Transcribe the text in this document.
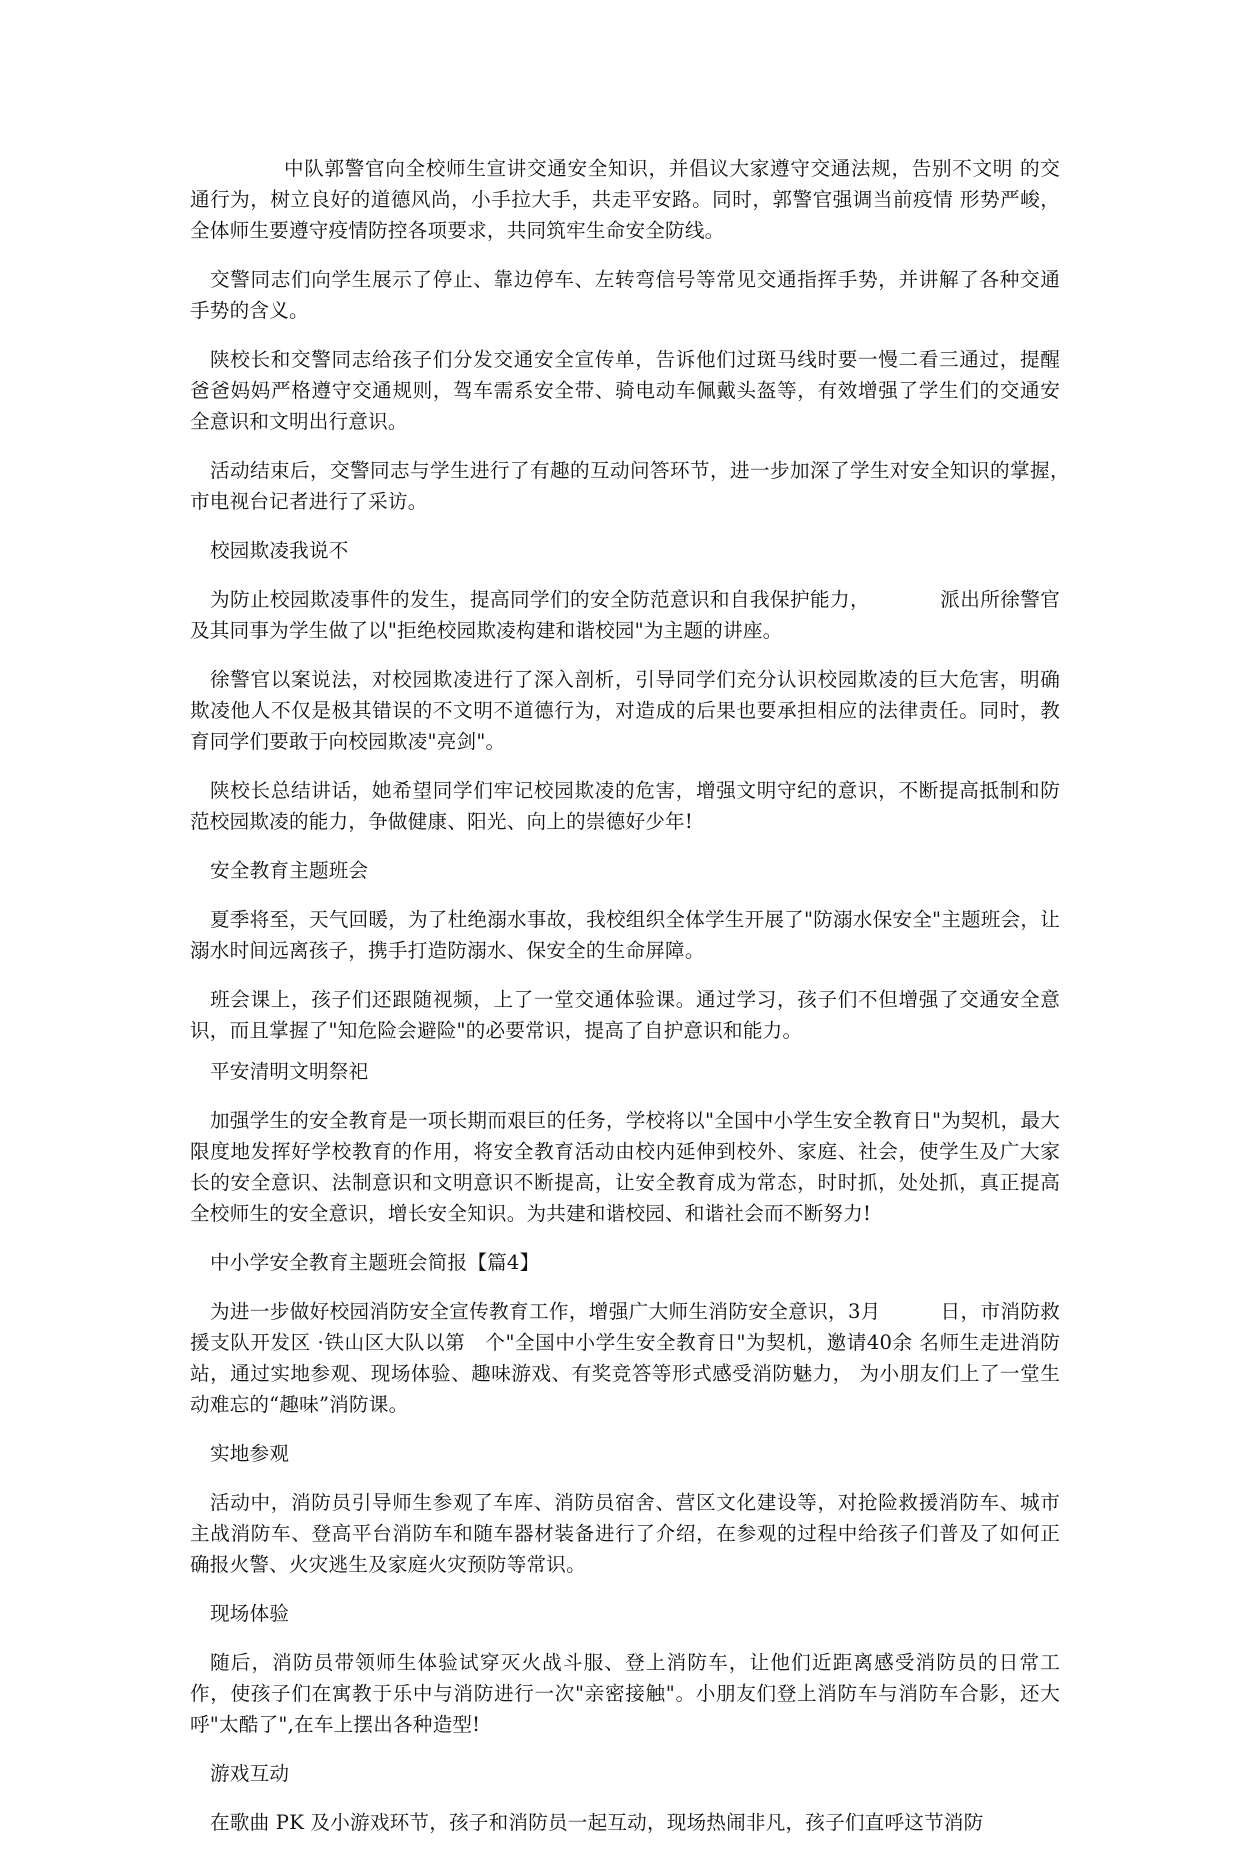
中队郭警官向全校师生宣讲交通安全知识，并倡议大家遵守交通法规，告别不文明 的交通行为，树立良好的道德风尚，小手拉大手，共走平安路。同时，郭警官强调当前疫情 形势严峻，全体师生要遵守疫情防控各项要求，共同筑牢生命安全防线。

交警同志们向学生展示了停止、靠边停车、左转弯信号等常见交通指挥手势，并讲解了各种交通手势的含义。

陕校长和交警同志给孩子们分发交通安全宣传单，告诉他们过斑马线时要一慢二看三通过，提醒爸爸妈妈严格遵守交通规则，驾车需系安全带、骑电动车佩戴头盔等，有效增强了学生们的交通安全意识和文明出行意识。

活动结束后，交警同志与学生进行了有趣的互动问答环节，进一步加深了学生对安全知识的掌握，　　　　市电视台记者进行了采访。

校园欺凌我说不

为防止校园欺凌事件的发生，提高同学们的安全防范意识和自我保护能力，　　　　派出所徐警官及其同事为学生做了以"拒绝校园欺凌构建和谐校园"为主题的讲座。

徐警官以案说法，对校园欺凌进行了深入剖析，引导同学们充分认识校园欺凌的巨大危害，明确欺凌他人不仅是极其错误的不文明不道德行为，对造成的后果也要承担相应的法律责任。同时，教育同学们要敢于向校园欺凌"亮剑"。

陕校长总结讲话，她希望同学们牢记校园欺凌的危害，增强文明守纪的意识，不断提高抵制和防范校园欺凌的能力，争做健康、阳光、向上的崇德好少年!

安全教育主题班会

夏季将至，天气回暖，为了杜绝溺水事故，我校组织全体学生开展了"防溺水保安全"主题班会，让溺水时间远离孩子，携手打造防溺水、保安全的生命屏障。

班会课上，孩子们还跟随视频，上了一堂交通体验课。通过学习，孩子们不但增强了交通安全意识，而且掌握了"知危险会避险"的必要常识，提高了自护意识和能力。

平安清明文明祭祀

加强学生的安全教育是一项长期而艰巨的任务，学校将以"全国中小学生安全教育日"为契机，最大限度地发挥好学校教育的作用，将安全教育活动由校内延伸到校外、家庭、社会，使学生及广大家长的安全意识、法制意识和文明意识不断提高，让安全教育成为常态，时时抓，处处抓，真正提高全校师生的安全意识，增长安全知识。为共建和谐校园、和谐社会而不断努力!

中小学安全教育主题班会简报【篇4】

为进一步做好校园消防安全宣传教育工作，增强广大师生消防安全意识，3月　　　日，市消防救援支队开发区 ·铁山区大队以第　个"全国中小学生安全教育日"为契机，邀请40余 名师生走进消防站，通过实地参观、现场体验、趣味游戏、有奖竞答等形式感受消防魅力， 为小朋友们上了一堂生动难忘的“趣味”消防课。

实地参观

活动中，消防员引导师生参观了车库、消防员宿舍、营区文化建设等，对抢险救援消防车、城市主战消防车、登高平台消防车和随车器材装备进行了介绍，在参观的过程中给孩子们普及了如何正确报火警、火灾逃生及家庭火灾预防等常识。

现场体验

随后，消防员带领师生体验试穿灭火战斗服、登上消防车，让他们近距离感受消防员的日常工作，使孩子们在寓教于乐中与消防进行一次"亲密接触"。小朋友们登上消防车与消防车合影，还大呼"太酷了",在车上摆出各种造型!

游戏互动

在歌曲 PK 及小游戏环节，孩子和消防员一起互动，现场热闹非凡，孩子们直呼这节消防
